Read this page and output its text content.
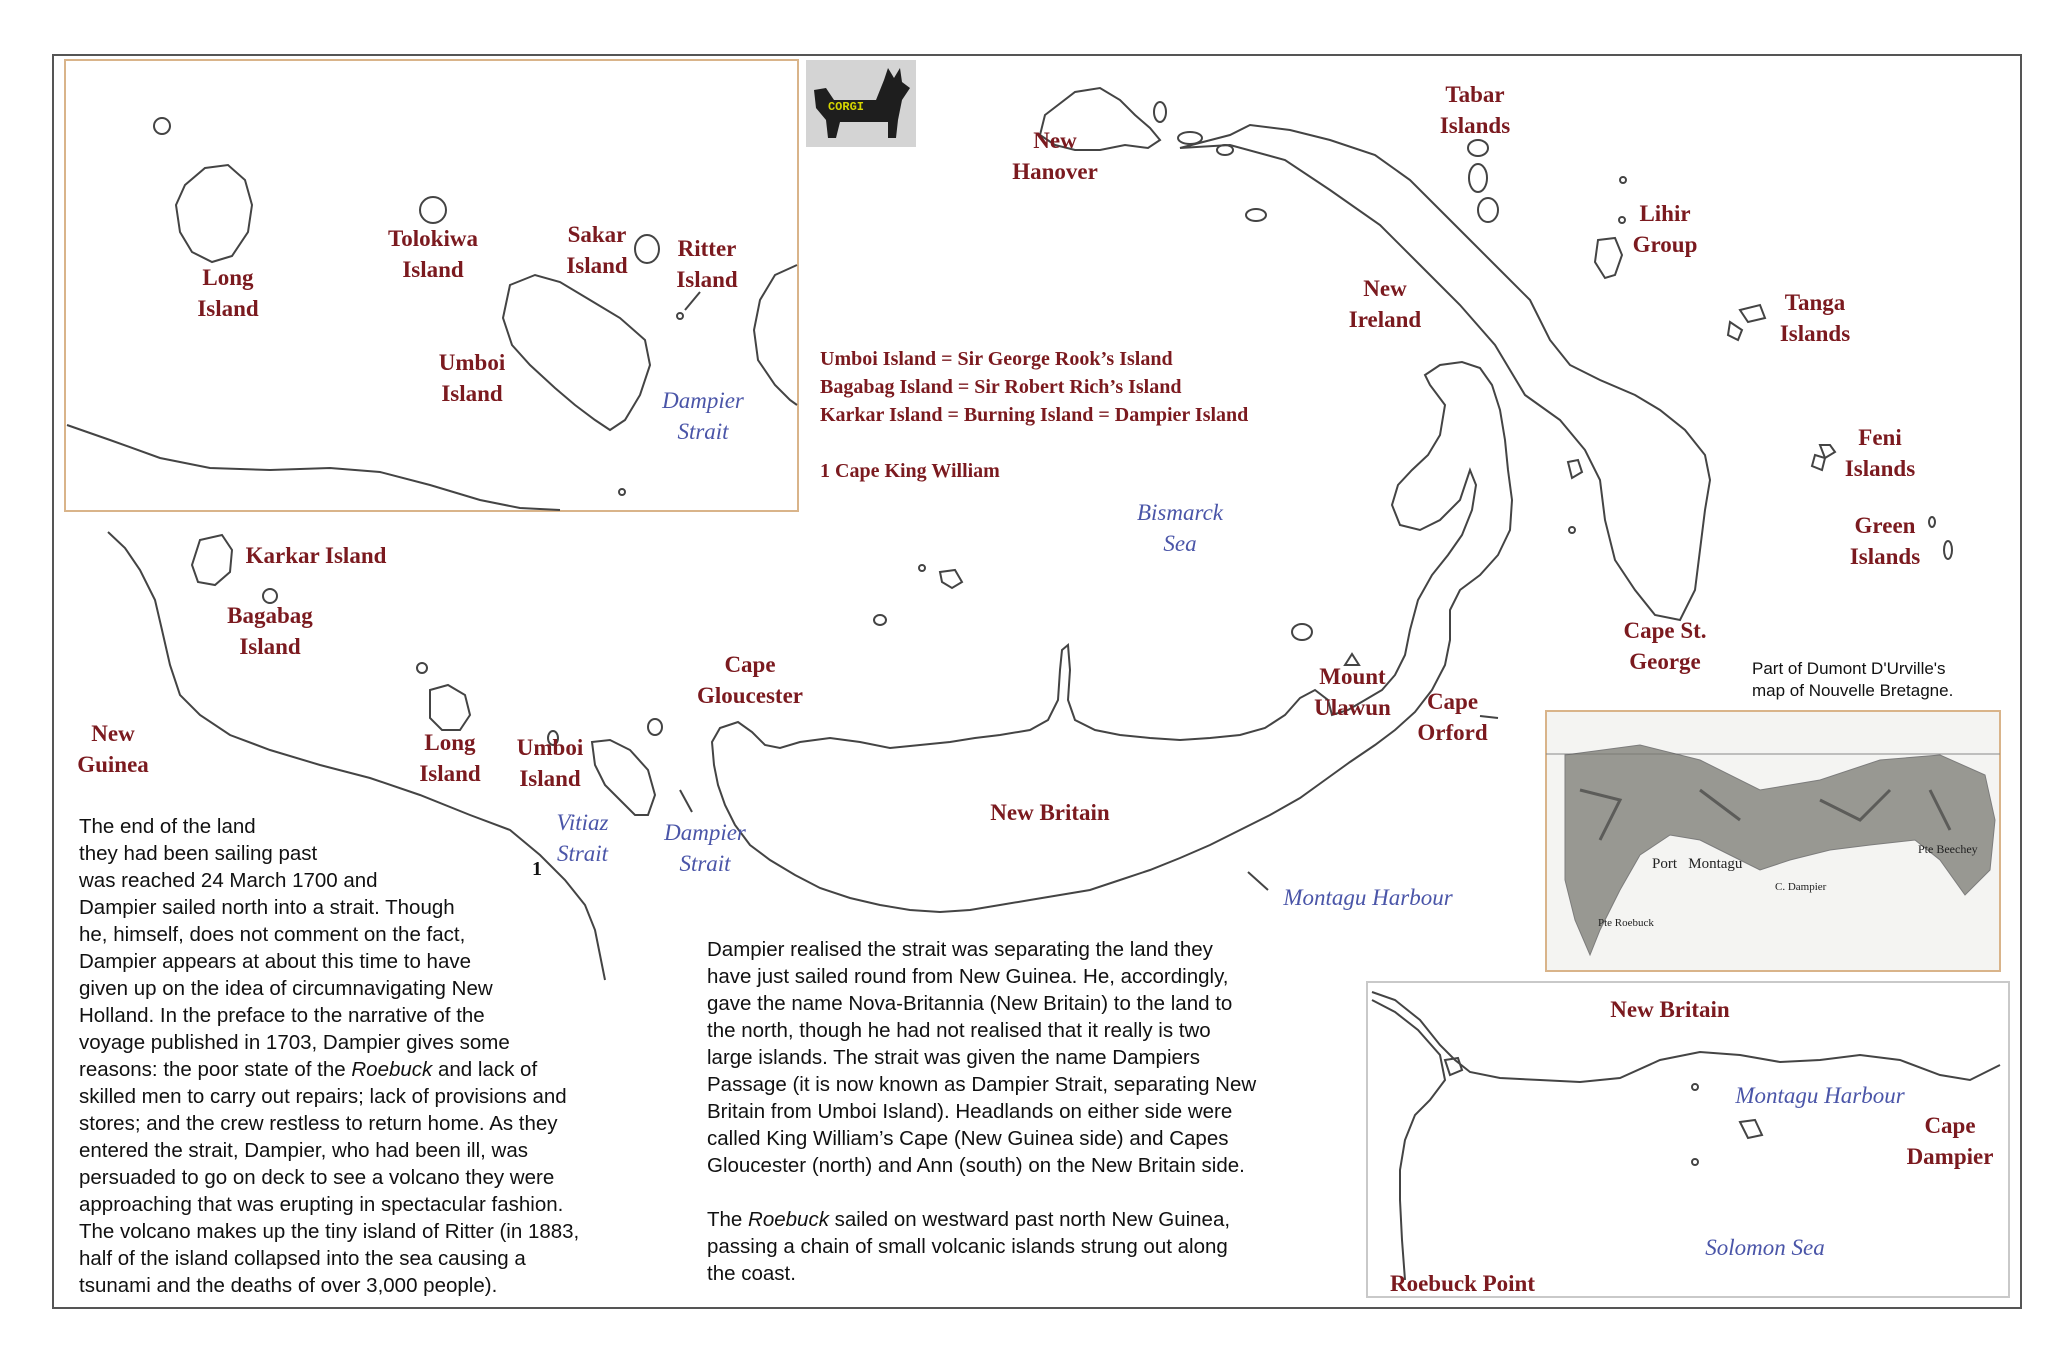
CORGI
Long
Island
Tolokiwa
Island
Sakar
Island
Ritter
Island
Umboi
Island	Dampier
Strait
New
Hanover
Tabar
Islands
Lihir
Group
New
Ireland
Tanga
Islands
Feni
Islands
Green
Islands
Cape St.
George
Karkar Island
Bagabag
Island
New
Guinea
Long
Island
Umboi
Island
Cape
Gloucester
Mount
Ulawun	Cape
Orford
New Britain
Bismarck
Sea
Vitiaz
Strait
Dampier
Strait
Montagu Harbour
1
Umboi Island = Sir George Rook’s Island
Bagabag Island = Sir Robert Rich’s Island
Karkar Island = Burning Island = Dampier Island
1 Cape King William
Part of Dumont D'Urville's
map of Nouvelle Bretagne.
Port   Montagu
C. Dampier
Pte Beechey
Pte Roebuck
New Britain
Montagu Harbour
Cape
Dampier
Solomon Sea
Roebuck Point
The end of the land
they had been sailing past
was reached 24 March 1700 and
Dampier sailed north into a strait. Though
he, himself, does not comment on the fact,
Dampier appears at about this time to have
given up on the idea of circumnavigating New
Holland. In the preface to the narrative of the
voyage published in 1703, Dampier gives some
reasons: the poor state of the Roebuck and lack of
skilled men to carry out repairs; lack of provisions and
stores; and the crew restless to return home. As they
entered the strait, Dampier, who had been ill, was
persuaded to go on deck to see a volcano they were
approaching that was erupting in spectacular fashion.
The volcano makes up the tiny island of Ritter (in 1883,
half of the island collapsed into the sea causing a
tsunami and the deaths of over 3,000 people).
Dampier realised the strait was separating the land they
have just sailed round from New Guinea. He, accordingly,
gave the name Nova-Britannia (New Britain) to the land to
the north, though he had not realised that it really is two
large islands. The strait was given the name Dampiers
Passage (it is now known as Dampier Strait, separating New
Britain from Umboi Island). Headlands on either side were
called King William’s Cape (New Guinea side) and Capes
Gloucester (north) and Ann (south) on the New Britain side.
The Roebuck sailed on westward past north New Guinea,
passing a chain of small volcanic islands strung out along
the coast.
